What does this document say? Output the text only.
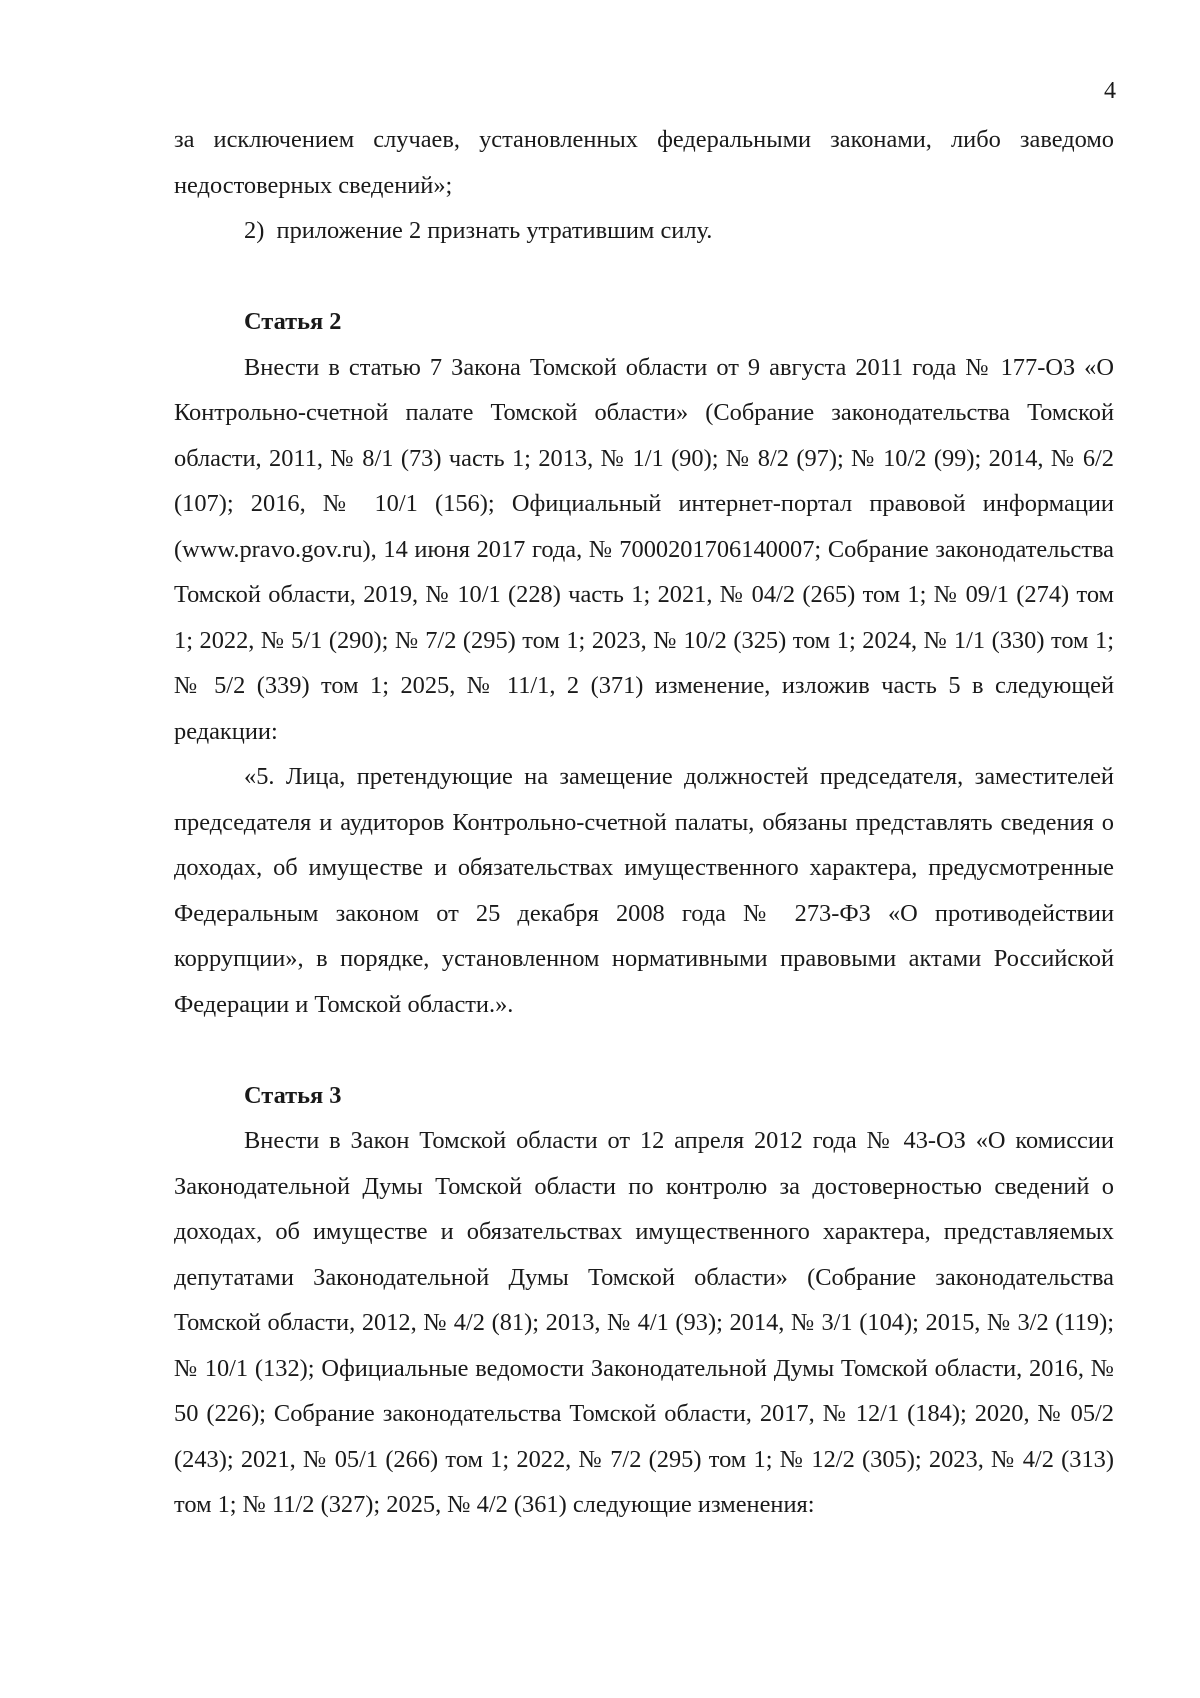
4

за исключением случаев, установленных федеральными законами, либо заведомо недостоверных сведений»;

2)  приложение 2 признать утратившим силу.

Статья 2

Внести в статью 7 Закона Томской области от 9 августа 2011 года № 177-ОЗ «О Контрольно-счетной палате Томской области» (Собрание законодательства Томской области, 2011, № 8/1 (73) часть 1; 2013, № 1/1 (90); № 8/2 (97); № 10/2 (99); 2014, № 6/2 (107); 2016, № 10/1 (156); Официальный интернет-портал правовой информации (www.pravo.gov.ru), 14 июня 2017 года, № 7000201706140007; Собрание законодательства Томской области, 2019, № 10/1 (228) часть 1; 2021, № 04/2 (265) том 1; № 09/1 (274) том 1; 2022, № 5/1 (290); № 7/2 (295) том 1; 2023, № 10/2 (325) том 1; 2024, № 1/1 (330) том 1; № 5/2 (339) том 1; 2025, № 11/1, 2 (371) изменение, изложив часть 5 в следующей редакции:

«5. Лица, претендующие на замещение должностей председателя, заместителей председателя и аудиторов Контрольно-счетной палаты, обязаны представлять сведения о доходах, об имуществе и обязательствах имущественного характера, предусмотренные Федеральным законом от 25 декабря 2008 года № 273-ФЗ «О противодействии коррупции», в порядке, установленном нормативными правовыми актами Российской Федерации и Томской области.».

Статья 3

Внести в Закон Томской области от 12 апреля 2012 года № 43-ОЗ «О комиссии Законодательной Думы Томской области по контролю за достоверностью сведений о доходах, об имуществе и обязательствах имущественного характера, представляемых депутатами Законодательной Думы Томской области» (Собрание законодательства Томской области, 2012, № 4/2 (81); 2013, № 4/1 (93); 2014, № 3/1 (104); 2015, № 3/2 (119); № 10/1 (132); Официальные ведомости Законодательной Думы Томской области, 2016, № 50 (226); Собрание законодательства Томской области, 2017, № 12/1 (184); 2020, № 05/2 (243); 2021, № 05/1 (266) том 1; 2022, № 7/2 (295) том 1; № 12/2 (305); 2023, № 4/2 (313) том 1; № 11/2 (327); 2025, № 4/2 (361) следующие изменения:
